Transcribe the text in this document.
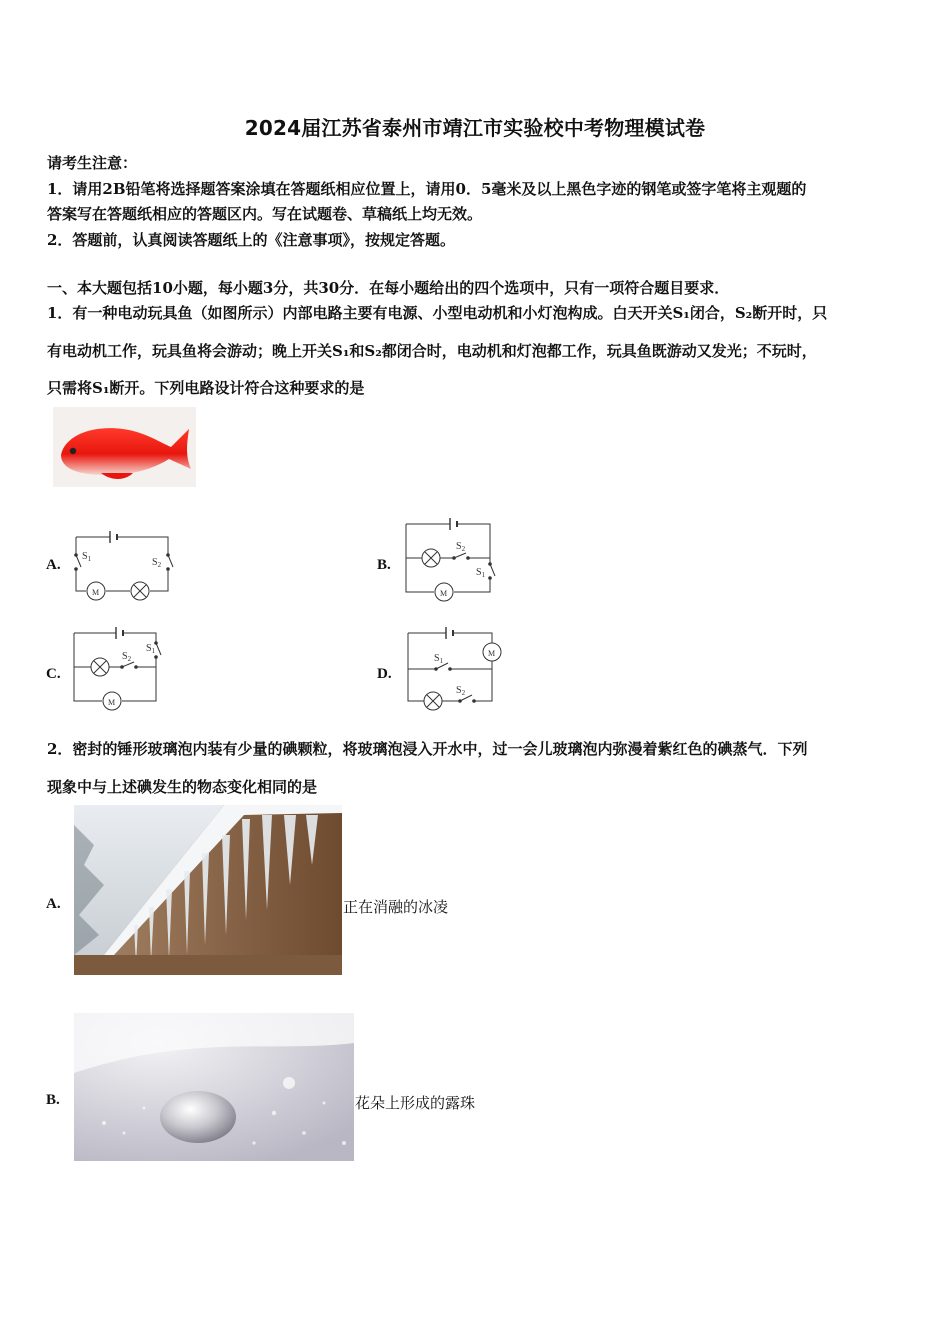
2024届江苏省泰州市靖江市实验校中考物理模试卷
请考生注意：
1．请用2B铅笔将选择题答案涂填在答题纸相应位置上，请用0．5毫米及以上黑色字迹的钢笔或签字笔将主观题的
答案写在答题纸相应的答题区内。写在试题卷、草稿纸上均无效。
2．答题前，认真阅读答题纸上的《注意事项》，按规定答题。
一、本大题包括10小题，每小题3分，共30分．在每小题给出的四个选项中，只有一项符合题目要求．
1．有一种电动玩具鱼（如图所示）内部电路主要有电源、小型电动机和小灯泡构成。白天开关S₁闭合，S₂断开时，只
有电动机工作，玩具鱼将会游动；晚上开关S₁和S₂都闭合时，电动机和灯泡都工作，玩具鱼既游动又发光；不玩时，
只需将S₁断开。下列电路设计符合这种要求的是
A.	B.
C.	D.
$S_1$	$S_2$
M
$S_2$
$S_1$
M
$S_2$
$S_1$
M
$S_1$
$S_2$
M
2．密封的锤形玻璃泡内装有少量的碘颗粒，将玻璃泡浸入开水中，过一会儿玻璃泡内弥漫着紫红色的碘蒸气．下列
现象中与上述碘发生的物态变化相同的是
A.	正在消融的冰凌
B.	花朵上形成的露珠
